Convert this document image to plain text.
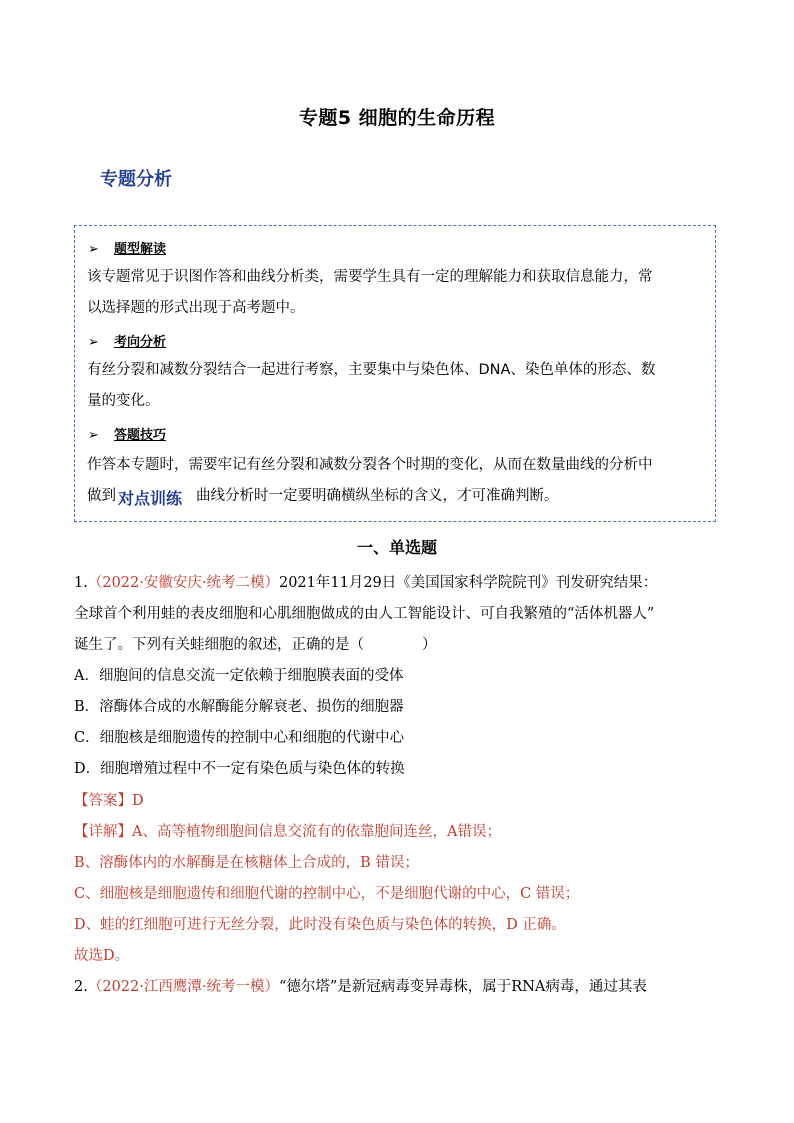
专题5 细胞的生命历程
专题分析
➢ 题型解读
该专题常见于识图作答和曲线分析类，需要学生具有一定的理解能力和获取信息能力，常
以选择题的形式出现于高考题中。
➢ 考向分析
有丝分裂和减数分裂结合一起进行考察，主要集中与染色体、DNA、染色单体的形态、数
量的变化。
➢ 答题技巧
作答本专题时，需要牢记有丝分裂和减数分裂各个时期的变化，从而在数量曲线的分析中
做到	曲线分析时一定要明确横纵坐标的含义，才可准确判断。
对点训练
一、单选题
1.（2022·安徽安庆·统考二模）2021年11月29日《美国国家科学院院刊》刊发研究结果：
全球首个利用蛙的表皮细胞和心肌细胞做成的由人工智能设计、可自我繁殖的“活体机器人”
诞生了。下列有关蛙细胞的叙述，正确的是（　　　　）
A．细胞间的信息交流一定依赖于细胞膜表面的受体
B．溶酶体合成的水解酶能分解衰老、损伤的细胞器
C．细胞核是细胞遗传的控制中心和细胞的代谢中心
D．细胞增殖过程中不一定有染色质与染色体的转换
【答案】D
【详解】A、高等植物细胞间信息交流有的依靠胞间连丝，A错误；
B、溶酶体内的水解酶是在核糖体上合成的，B 错误；
C、细胞核是细胞遗传和细胞代谢的控制中心，不是细胞代谢的中心，C 错误；
D、蛙的红细胞可进行无丝分裂，此时没有染色质与染色体的转换，D 正确。
故选D。
2.（2022·江西鹰潭·统考一模）“德尔塔”是新冠病毒变异毒株，属于RNA病毒，通过其表
